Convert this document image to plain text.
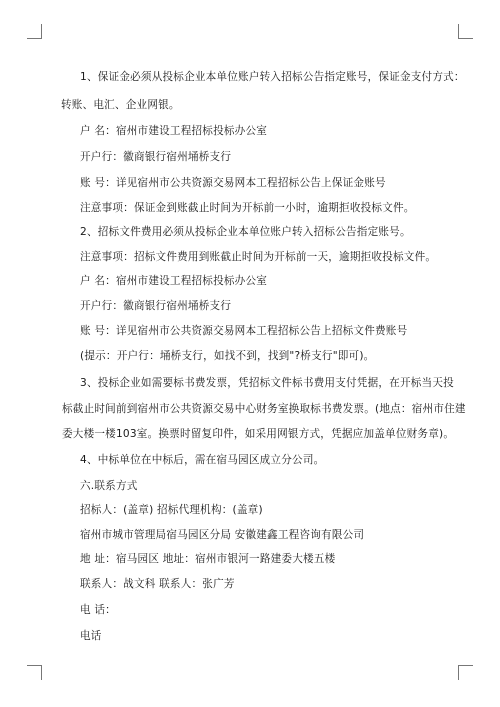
1、保证金必须从投标企业本单位账户转入招标公告指定账号，保证金支付方式：
转账、电汇、企业网银。
户 名：宿州市建设工程招标投标办公室
开户行：徽商银行宿州埇桥支行
账 号：详见宿州市公共资源交易网本工程招标公告上保证金账号
注意事项：保证金到账截止时间为开标前一小时，逾期拒收投标文件。
2、招标文件费用必须从投标企业本单位账户转入招标公告指定账号。
注意事项：招标文件费用到账截止时间为开标前一天，逾期拒收投标文件。
户 名：宿州市建设工程招标投标办公室
开户行：徽商银行宿州埇桥支行
账 号：详见宿州市公共资源交易网本工程招标公告上招标文件费账号
(提示：开户行：埇桥支行，如找不到，找到"?桥支行"即可)。
3、投标企业如需要标书费发票，凭招标文件标书费用支付凭据，在开标当天投
标截止时间前到宿州市公共资源交易中心财务室换取标书费发票。(地点：宿州市住建
委大楼一楼103室。换票时留复印件，如采用网银方式，凭据应加盖单位财务章)。
4、中标单位在中标后，需在宿马园区成立分公司。
六.联系方式
招标人：(盖章) 招标代理机构：(盖章)
宿州市城市管理局宿马园区分局 安徽建鑫工程咨询有限公司
地 址：宿马园区 地址：宿州市银河一路建委大楼五楼
联系人：战文科 联系人：张广芳
电 话：
电话
